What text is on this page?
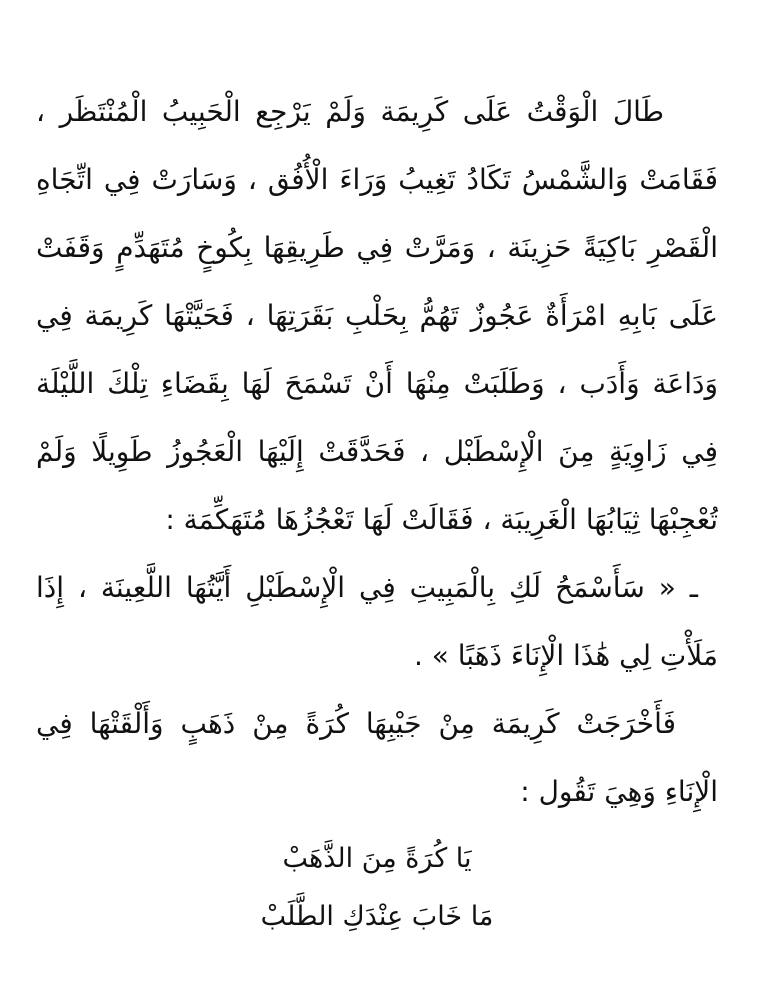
طَالَ الْوَقْتُ عَلَى كَرِيمَة وَلَمْ يَرْجِع الْحَبِيبُ الْمُنْتَظَر ،

فَقَامَتْ وَالشَّمْسُ تَكَادُ تَغِيبُ وَرَاءَ الْأُفُق ، وَسَارَتْ فِي اتِّجَاهِ

الْقَصْرِ بَاكِيَةً حَزِينَة ، وَمَرَّتْ فِي طَرِيقِهَا بِكُوخٍ مُتَهَدِّمٍ وَقَفَتْ

عَلَى بَابِهِ امْرَأَةٌ عَجُوزٌ تَهُمُّ بِحَلْبِ بَقَرَتِهَا ، فَحَيَّتْهَا كَرِيمَة فِي

وَدَاعَة وَأَدَب ، وَطَلَبَتْ مِنْهَا أَنْ تَسْمَحَ لَهَا بِقَضَاءِ تِلْكَ اللَّيْلَة

فِي زَاوِيَةٍ مِنَ الْإِسْطَبْل ، فَحَدَّقَتْ إِلَيْهَا الْعَجُوزُ طَوِيلًا وَلَمْ

تُعْجِبْهَا ثِيَابُهَا الْغَرِيبَة ، فَقَالَتْ لَهَا تَعْجُزُهَا مُتَهَكِّمَة :

ـ « سَأَسْمَحُ لَكِ بِالْمَبِيتِ فِي الْإِسْطَبْلِ أَيَّتُهَا اللَّعِينَة ، إِذَا

مَلَأْتِ لِي هَٰذَا الْإِنَاءَ ذَهَبًا » .

فَأَخْرَجَتْ كَرِيمَة مِنْ جَيْبِهَا كُرَةً مِنْ ذَهَبٍ وَأَلْقَتْهَا فِي

الْإِنَاءِ وَهِيَ تَقُول :

يَا كُرَةً مِنَ الذَّهَبْ

مَا خَابَ عِنْدَكِ الطَّلَبْ
